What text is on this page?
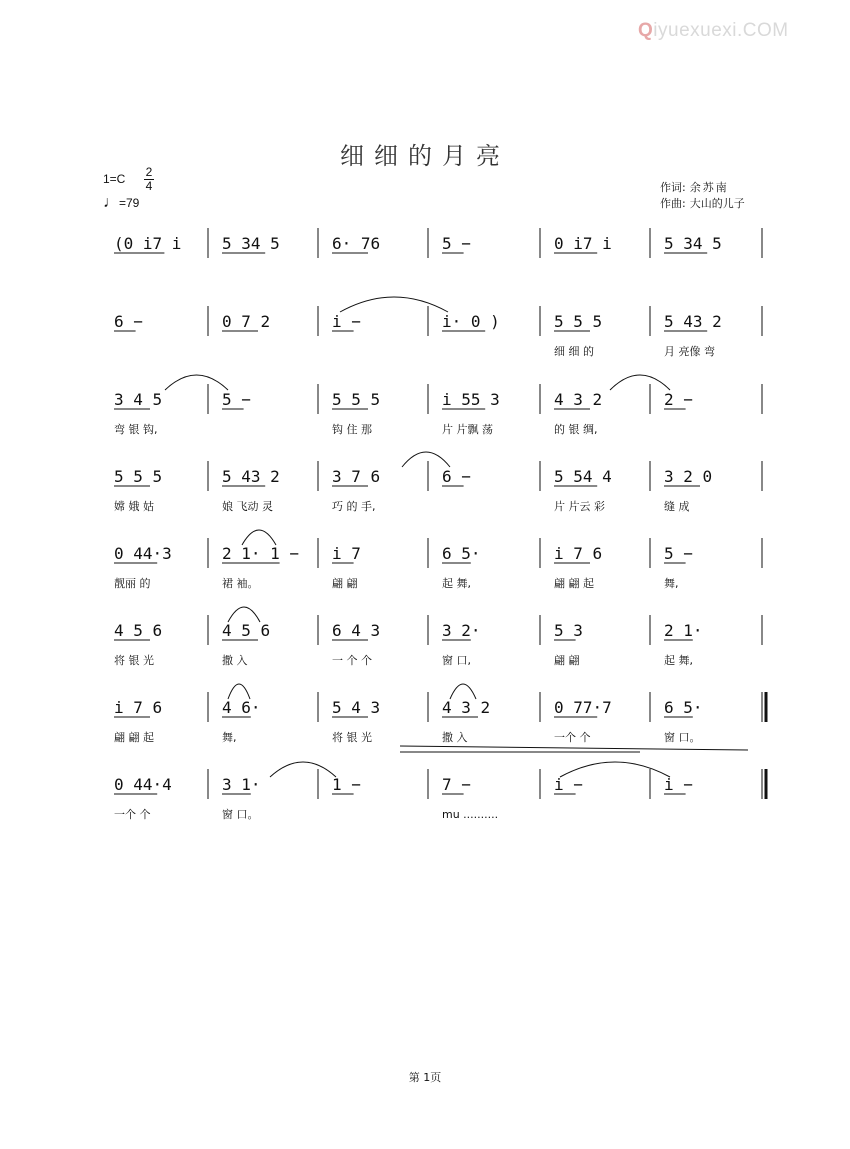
Qiyuexuexi.COM
细细的月亮
1=C 2
4
♩=79
作词: 余苏南
作曲: 大山的儿子
(0 i7 i	5 34 5	6· 76	5 −	0 i7 i	5 34 5
6 −	0 7 2	i −	i· 0 )	5 5 5
细 细 的
5 43 2
月 亮像 弯
3 4 5
弯 银 钩,
5 −	5 5 5
钩 住 那
i 55 3
片 片飘 荡
4 3 2
的 银 绸,
2 −
5 5 5
嫦 娥 姑
5 43 2
娘 飞动 灵
3 7 6
巧 的 手,
6 −	5 54 4
片 片云 彩
3 2 0
缝 成
0 44·3
靓丽 的
2 1· 1 −
裙 袖。
i 7
翩 翩
6 5·
起 舞,
i 7 6
翩 翩 起
5 −
舞,
4 5 6
将 银 光
4 5 6
撒 入
6 4 3
一 个 个
3 2·
窗 口,
5 3
翩 翩
2 1·
起 舞,
i 7 6
翩 翩 起
4 6·
舞,
5 4 3
将 银 光
4 3 2
撒 入
0 77·7
一个 个
6 5·
窗 口。
0 44·4
一个 个
3 1·
窗 口。
1 −	7 −
mu ..........
i −	i −
第 1页
